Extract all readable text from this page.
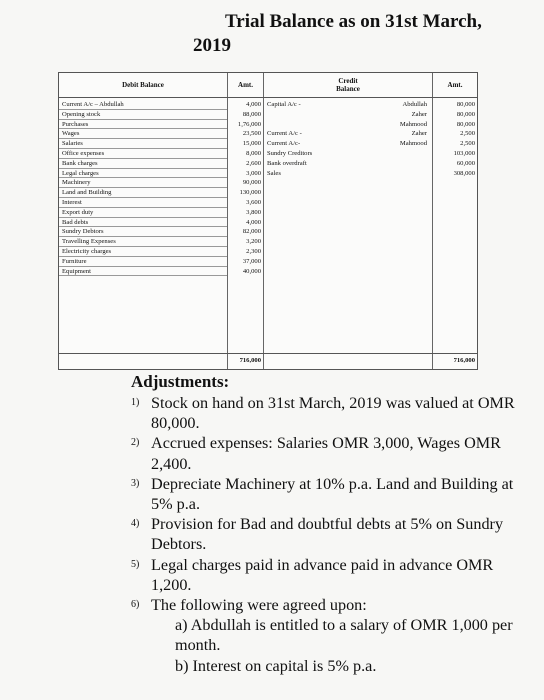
Trial Balance as on 31st March,
2019
Debit Balance	Amt.	Credit Balance	Amt.
Current A/c – Abdullah	4,000 Capital A/c -	Abdullah	80,000
Opening stock	88,000	Zaher	80,000
Purchases	1,76,000	Mahmood	80,000
Wages	23,500 Current A/c -	Zaher	2,500
Salaries	15,000 Current A/c-	Mahmood	2,500
Office expenses	8,000 Sundry Creditors	103,000
Bank charges	2,600 Bank overdraft	60,000
Legal charges	3,000 Sales	308,000
Machinery	90,000
Land and Building	130,000
Interest	3,600
Export duty	3,800
Bad debts	4,000
Sundry Debtors	82,000
Travelling Expenses	3,200
Electricity charges	2,300
Furniture	37,000
Equipment	40,000
716,000	716,000
Adjustments:
1) Stock on hand on 31st March, 2019 was valued at OMR 80,000.
2) Accrued expenses: Salaries OMR 3,000, Wages OMR 2,400.
3) Depreciate Machinery at 10% p.a. Land and Building at 5% p.a.
4) Provision for Bad and doubtful debts at 5% on Sundry Debtors.
5) Legal charges paid in advance paid in advance OMR 1,200.
6) The following were agreed upon:
a) Abdullah is entitled to a salary of OMR 1,000 per month.
b) Interest on capital is 5% p.a.
